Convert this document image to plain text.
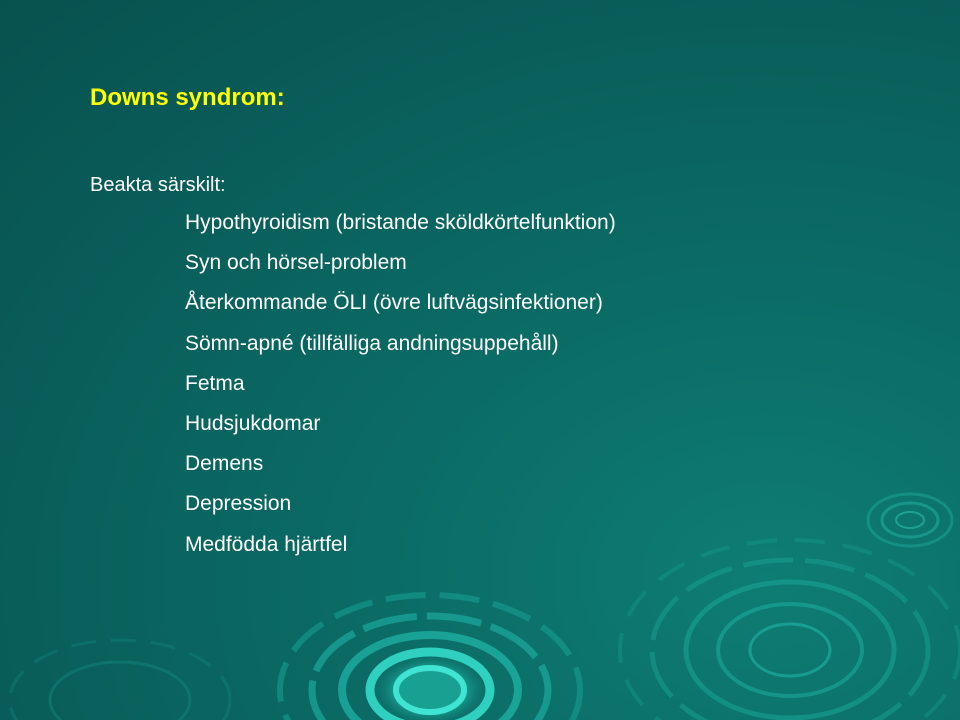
Downs syndrom:

Beakta särskilt:

Hypothyroidism (bristande sköldkörtelfunktion)
Syn och hörsel-problem
Återkommande ÖLI (övre luftvägsinfektioner)
Sömn-apné (tillfälliga andningsuppehåll)
Fetma
Hudsjukdomar
Demens
Depression
Medfödda hjärtfel
